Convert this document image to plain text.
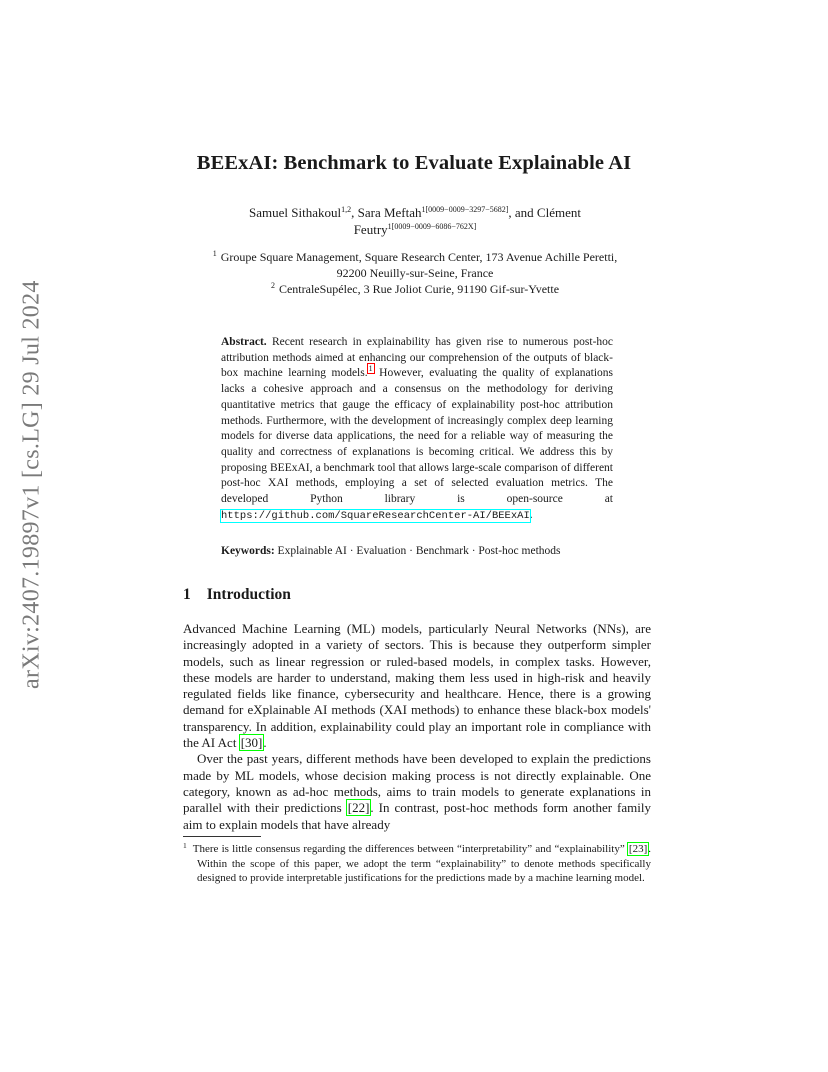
arXiv:2407.19897v1 [cs.LG] 29 Jul 2024
BEExAI: Benchmark to Evaluate Explainable AI
Samuel Sithakoul$^{1,2}$, Sara Meftah$^{1[0009-0009-3297-5682]}$, and Clément
Feutry$^{1[0009-0009-6086-762X]}$
$^1$ Groupe Square Management, Square Research Center, 173 Avenue Achille Peretti,
92200 Neuilly-sur-Seine, France
$^2$ CentraleSupélec, 3 Rue Joliot Curie, 91190 Gif-sur-Yvette
Abstract. Recent research in explainability has given rise to numerous post-hoc attribution methods aimed at enhancing our comprehension of the outputs of black-box machine learning models.$^1$ However, evaluating the quality of explanations lacks a cohesive approach and a consensus on the methodology for deriving quantitative metrics that gauge the efficacy of explainability post-hoc attribution methods. Furthermore, with the development of increasingly complex deep learning models for diverse data applications, the need for a reliable way of measuring the quality and correctness of explanations is becoming critical. We address this by proposing BEExAI, a benchmark tool that allows large-scale comparison of different post-hoc XAI methods, employing a set of selected evaluation metrics. The developed Python library is open-source at https://github.com/SquareResearchCenter-AI/BEExAI.
Keywords: Explainable AI · Evaluation · Benchmark · Post-hoc methods
1 Introduction

Advanced Machine Learning (ML) models, particularly Neural Networks (NNs), are increasingly adopted in a variety of sectors. This is because they outperform simpler models, such as linear regression or ruled-based models, in complex tasks. However, these models are harder to understand, making them less used in high-risk and heavily regulated fields like finance, cybersecurity and healthcare. Hence, there is a growing demand for eXplainable AI methods (XAI methods) to enhance these black-box models' transparency. In addition, explainability could play an important role in compliance with the AI Act [30].

Over the past years, different methods have been developed to explain the predictions made by ML models, whose decision making process is not directly explainable. One category, known as ad-hoc methods, aims to train models to generate explanations in parallel with their predictions [22]. In contrast, post-hoc methods form another family aim to explain models that have already

$^1$ There is little consensus regarding the differences between “interpretability” and “explainability” [23]. Within the scope of this paper, we adopt the term “explainability” to denote methods specifically designed to provide interpretable justifications for the predictions made by a machine learning model.
